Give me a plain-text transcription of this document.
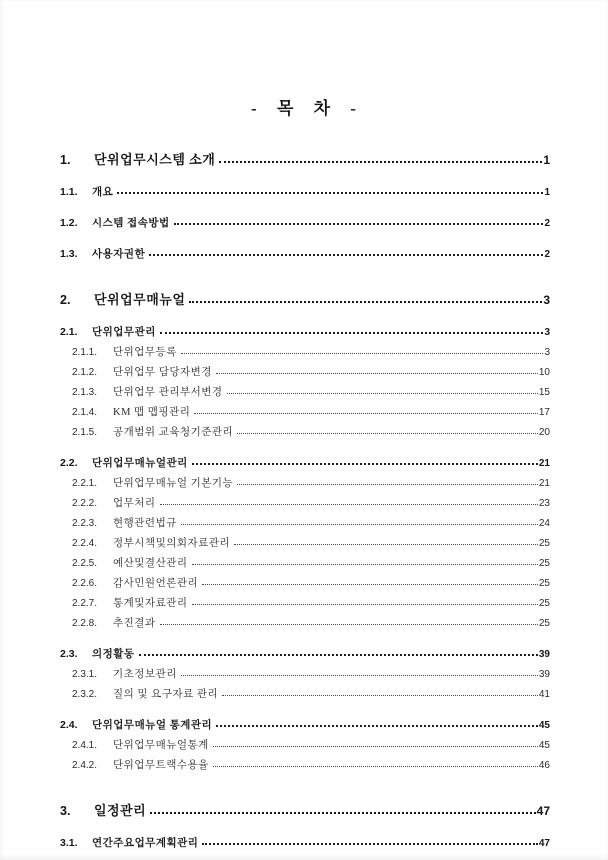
- 목 차 -
1.	단위업무시스템 소개	1
1.1.	개요	1
1.2.	시스템 접속방법	2
1.3.	사용자권한	2
2.	단위업무매뉴얼	3
2.1.	단위업무관리	3
2.1.1.	단위업무등록	3
2.1.2.	단위업무 담당자변경	10
2.1.3.	단위업무 관리부서변경	15
2.1.4.	KM 맵 맵핑관리	17
2.1.5.	공개범위 교육청기준관리	20
2.2.	단위업무매뉴얼관리	21
2.2.1.	단위업무매뉴얼 기본기능	21
2.2.2.	업무처리	23
2.2.3.	현행관련법규	24
2.2.4.	정부시책및의회자료관리	25
2.2.5.	예산및결산관리	25
2.2.6.	감사민원언론관리	25
2.2.7.	통계및자료관리	25
2.2.8.	추진결과	25
2.3.	의정활동	39
2.3.1.	기초정보관리	39
2.3.2.	질의 및 요구자료 관리	41
2.4.	단위업무매뉴얼 통계관리	45
2.4.1.	단위업무매뉴얼통계	45
2.4.2.	단위업무트랙수용율	46
3.	일정관리	47
3.1.	연간주요업무계획관리	47
